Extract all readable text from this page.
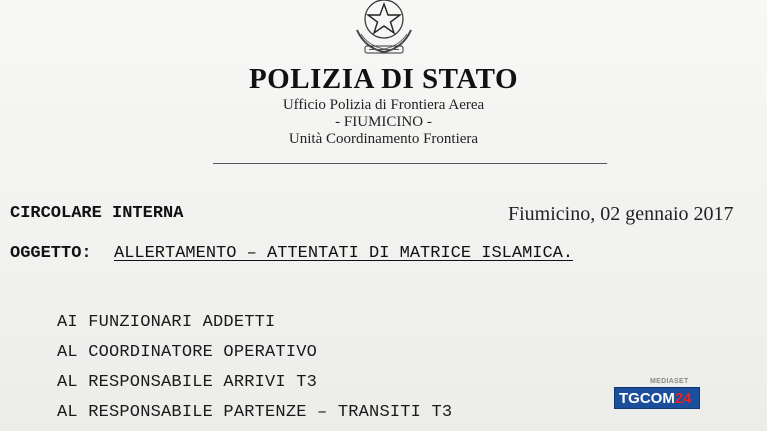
POLIZIA DI STATO
Ufficio Polizia di Frontiera Aerea
- FIUMICINO -
Unità Coordinamento Frontiera
CIRCOLARE INTERNA	Fiumicino, 02 gennaio 2017
OGGETTO: ALLERTAMENTO – ATTENTATI DI MATRICE ISLAMICA.
AI FUNZIONARI ADDETTI
AL COORDINATORE OPERATIVO
AL RESPONSABILE ARRIVI T3
AL RESPONSABILE PARTENZE – TRANSITI T3
MEDIASET
TGCOM24
